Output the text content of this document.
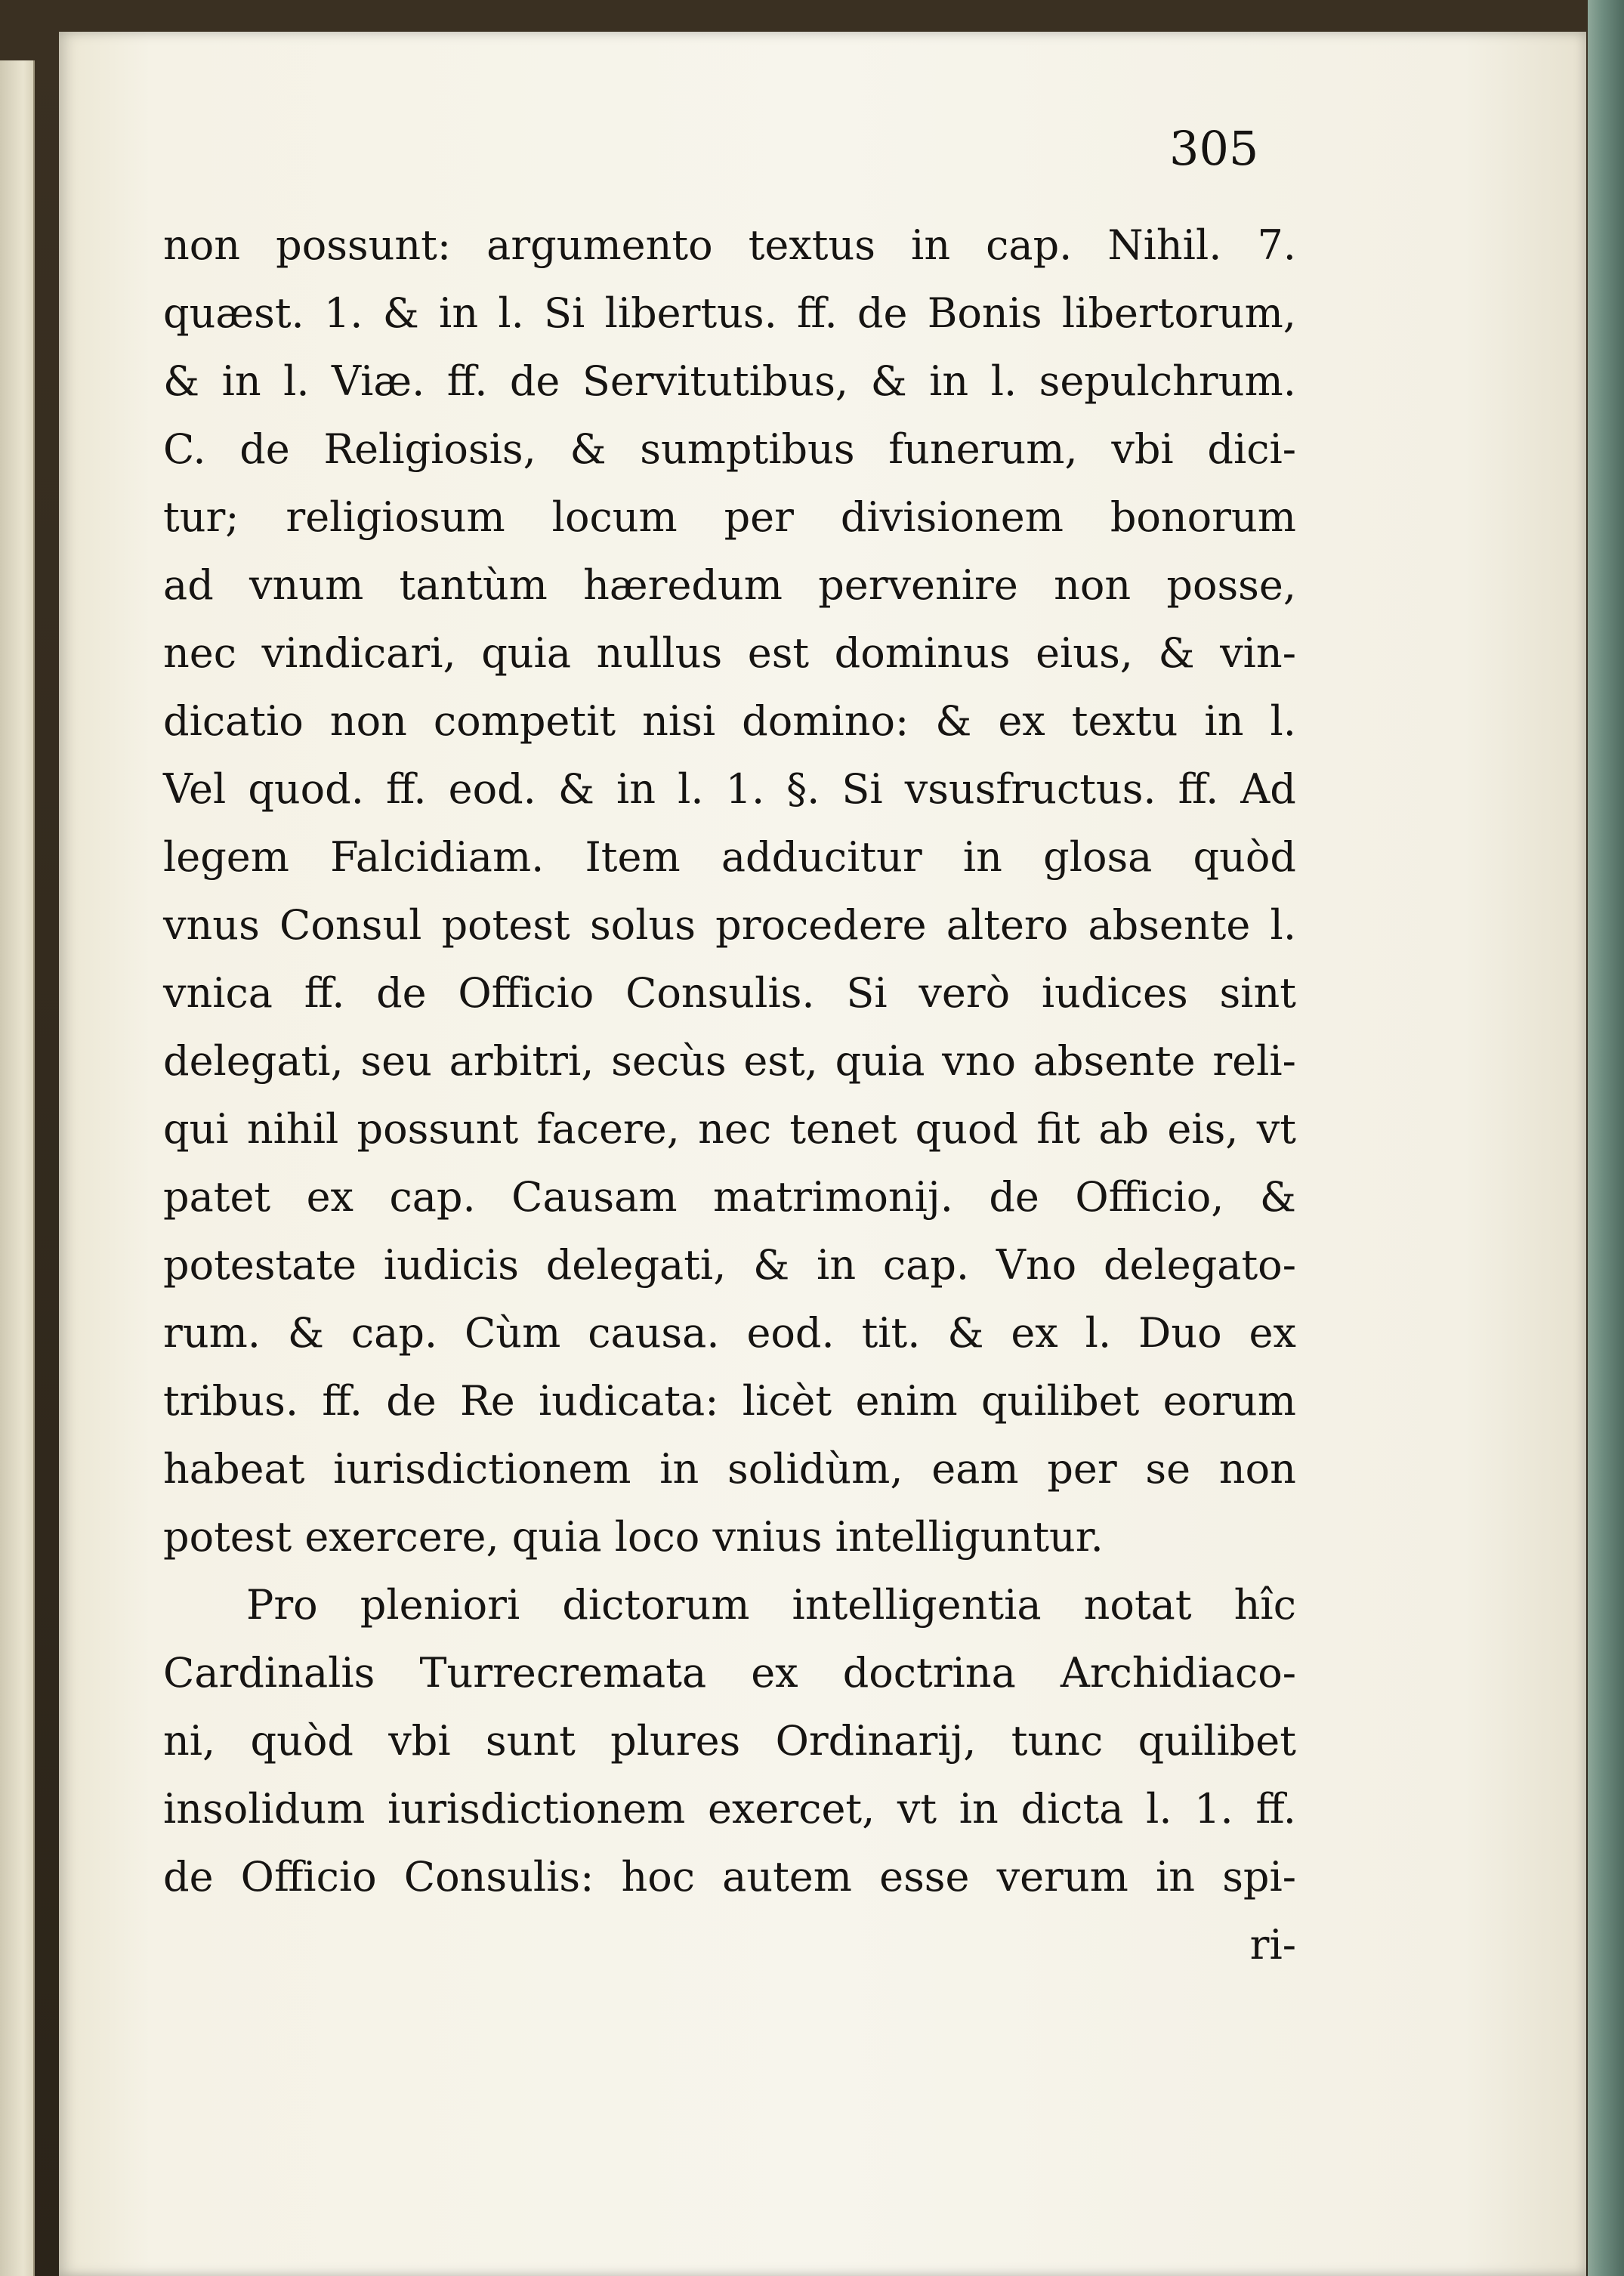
305

non possunt: argumento textus in cap. Nihil. 7.

quæst. 1. & in l. Si libertus. ff. de Bonis libertorum,

& in l. Viæ. ff. de Servitutibus, & in l. sepulchrum.

C. de Religiosis, & sumptibus funerum, vbi dici-

tur; religiosum locum per divisionem bonorum

ad vnum tantùm hæredum pervenire non posse,

nec vindicari, quia nullus est dominus eius, & vin-

dicatio non competit nisi domino: & ex textu in l.

Vel quod. ff. eod. & in l. 1. §. Si vsusfructus. ff. Ad

legem Falcidiam. Item adducitur in glosa quòd

vnus Consul potest solus procedere altero absente l.

vnica ff. de Officio Consulis. Si verò iudices sint

delegati, seu arbitri, secùs est, quia vno absente reli-

qui nihil possunt facere, nec tenet quod fit ab eis, vt

patet ex cap. Causam matrimonij. de Officio, &

potestate iudicis delegati, & in cap. Vno delegato-

rum. & cap. Cùm causa. eod. tit. & ex l. Duo ex

tribus. ff. de Re iudicata: licèt enim quilibet eorum

habeat iurisdictionem in solidùm, eam per se non

potest exercere, quia loco vnius intelliguntur.

Pro pleniori dictorum intelligentia notat hîc

Cardinalis Turrecremata ex doctrina Archidiaco-

ni, quòd vbi sunt plures Ordinarij, tunc quilibet

insolidum iurisdictionem exercet, vt in dicta l. 1. ff.

de Officio Consulis: hoc autem esse verum in spi-

ri-
